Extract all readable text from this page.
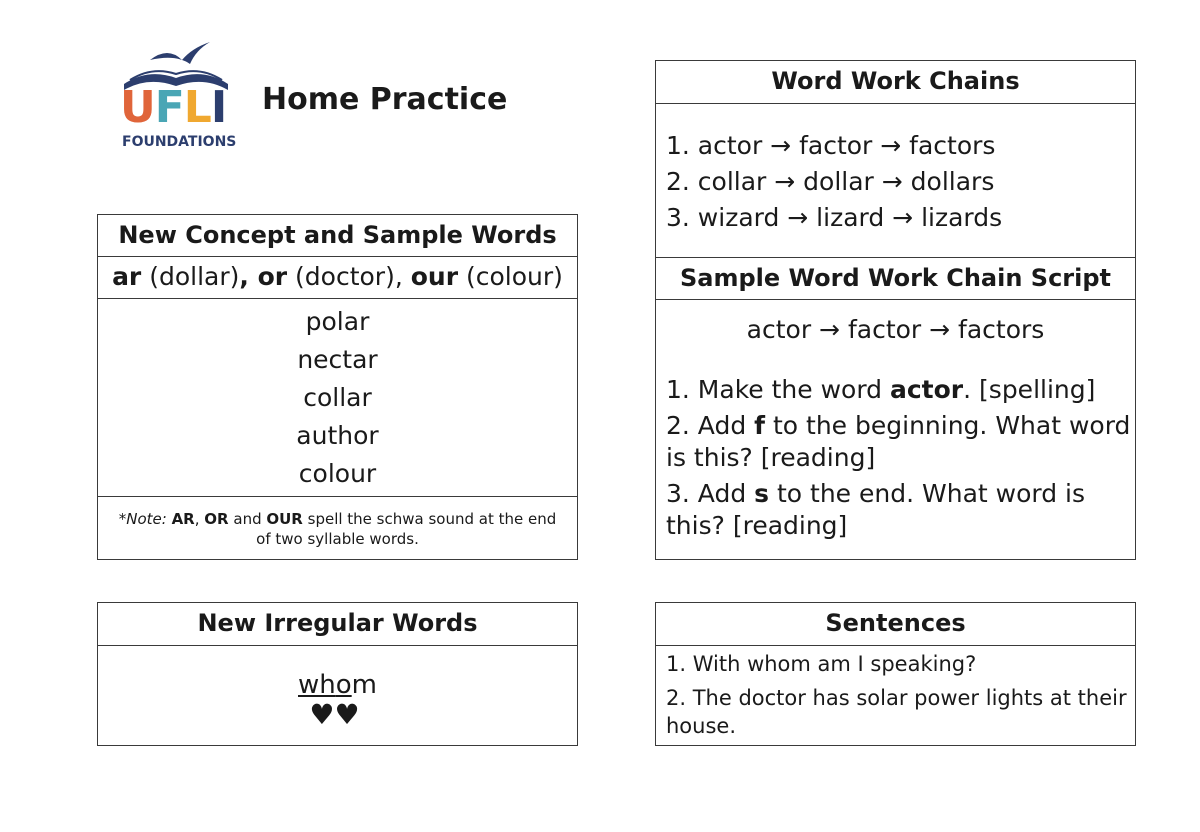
UFLI
FOUNDATIONS
Home Practice
New Concept and Sample Words
ar (dollar), or (doctor), our (colour)
polar
nectar
collar
author
colour
*Note: AR, OR and OUR spell the schwa sound at the end of two syllable words.
New Irregular Words
whom
♥♥
Word Work Chains
1. actor → factor → factors
2. collar → dollar → dollars
3. wizard → lizard → lizards
Sample Word Work Chain Script
actor → factor → factors
1. Make the word actor. [spelling]
2. Add f to the beginning. What word is this? [reading]
3. Add s to the end. What word is this? [reading]
Sentences
1. With whom am I speaking?
2. The doctor has solar power lights at their house.
